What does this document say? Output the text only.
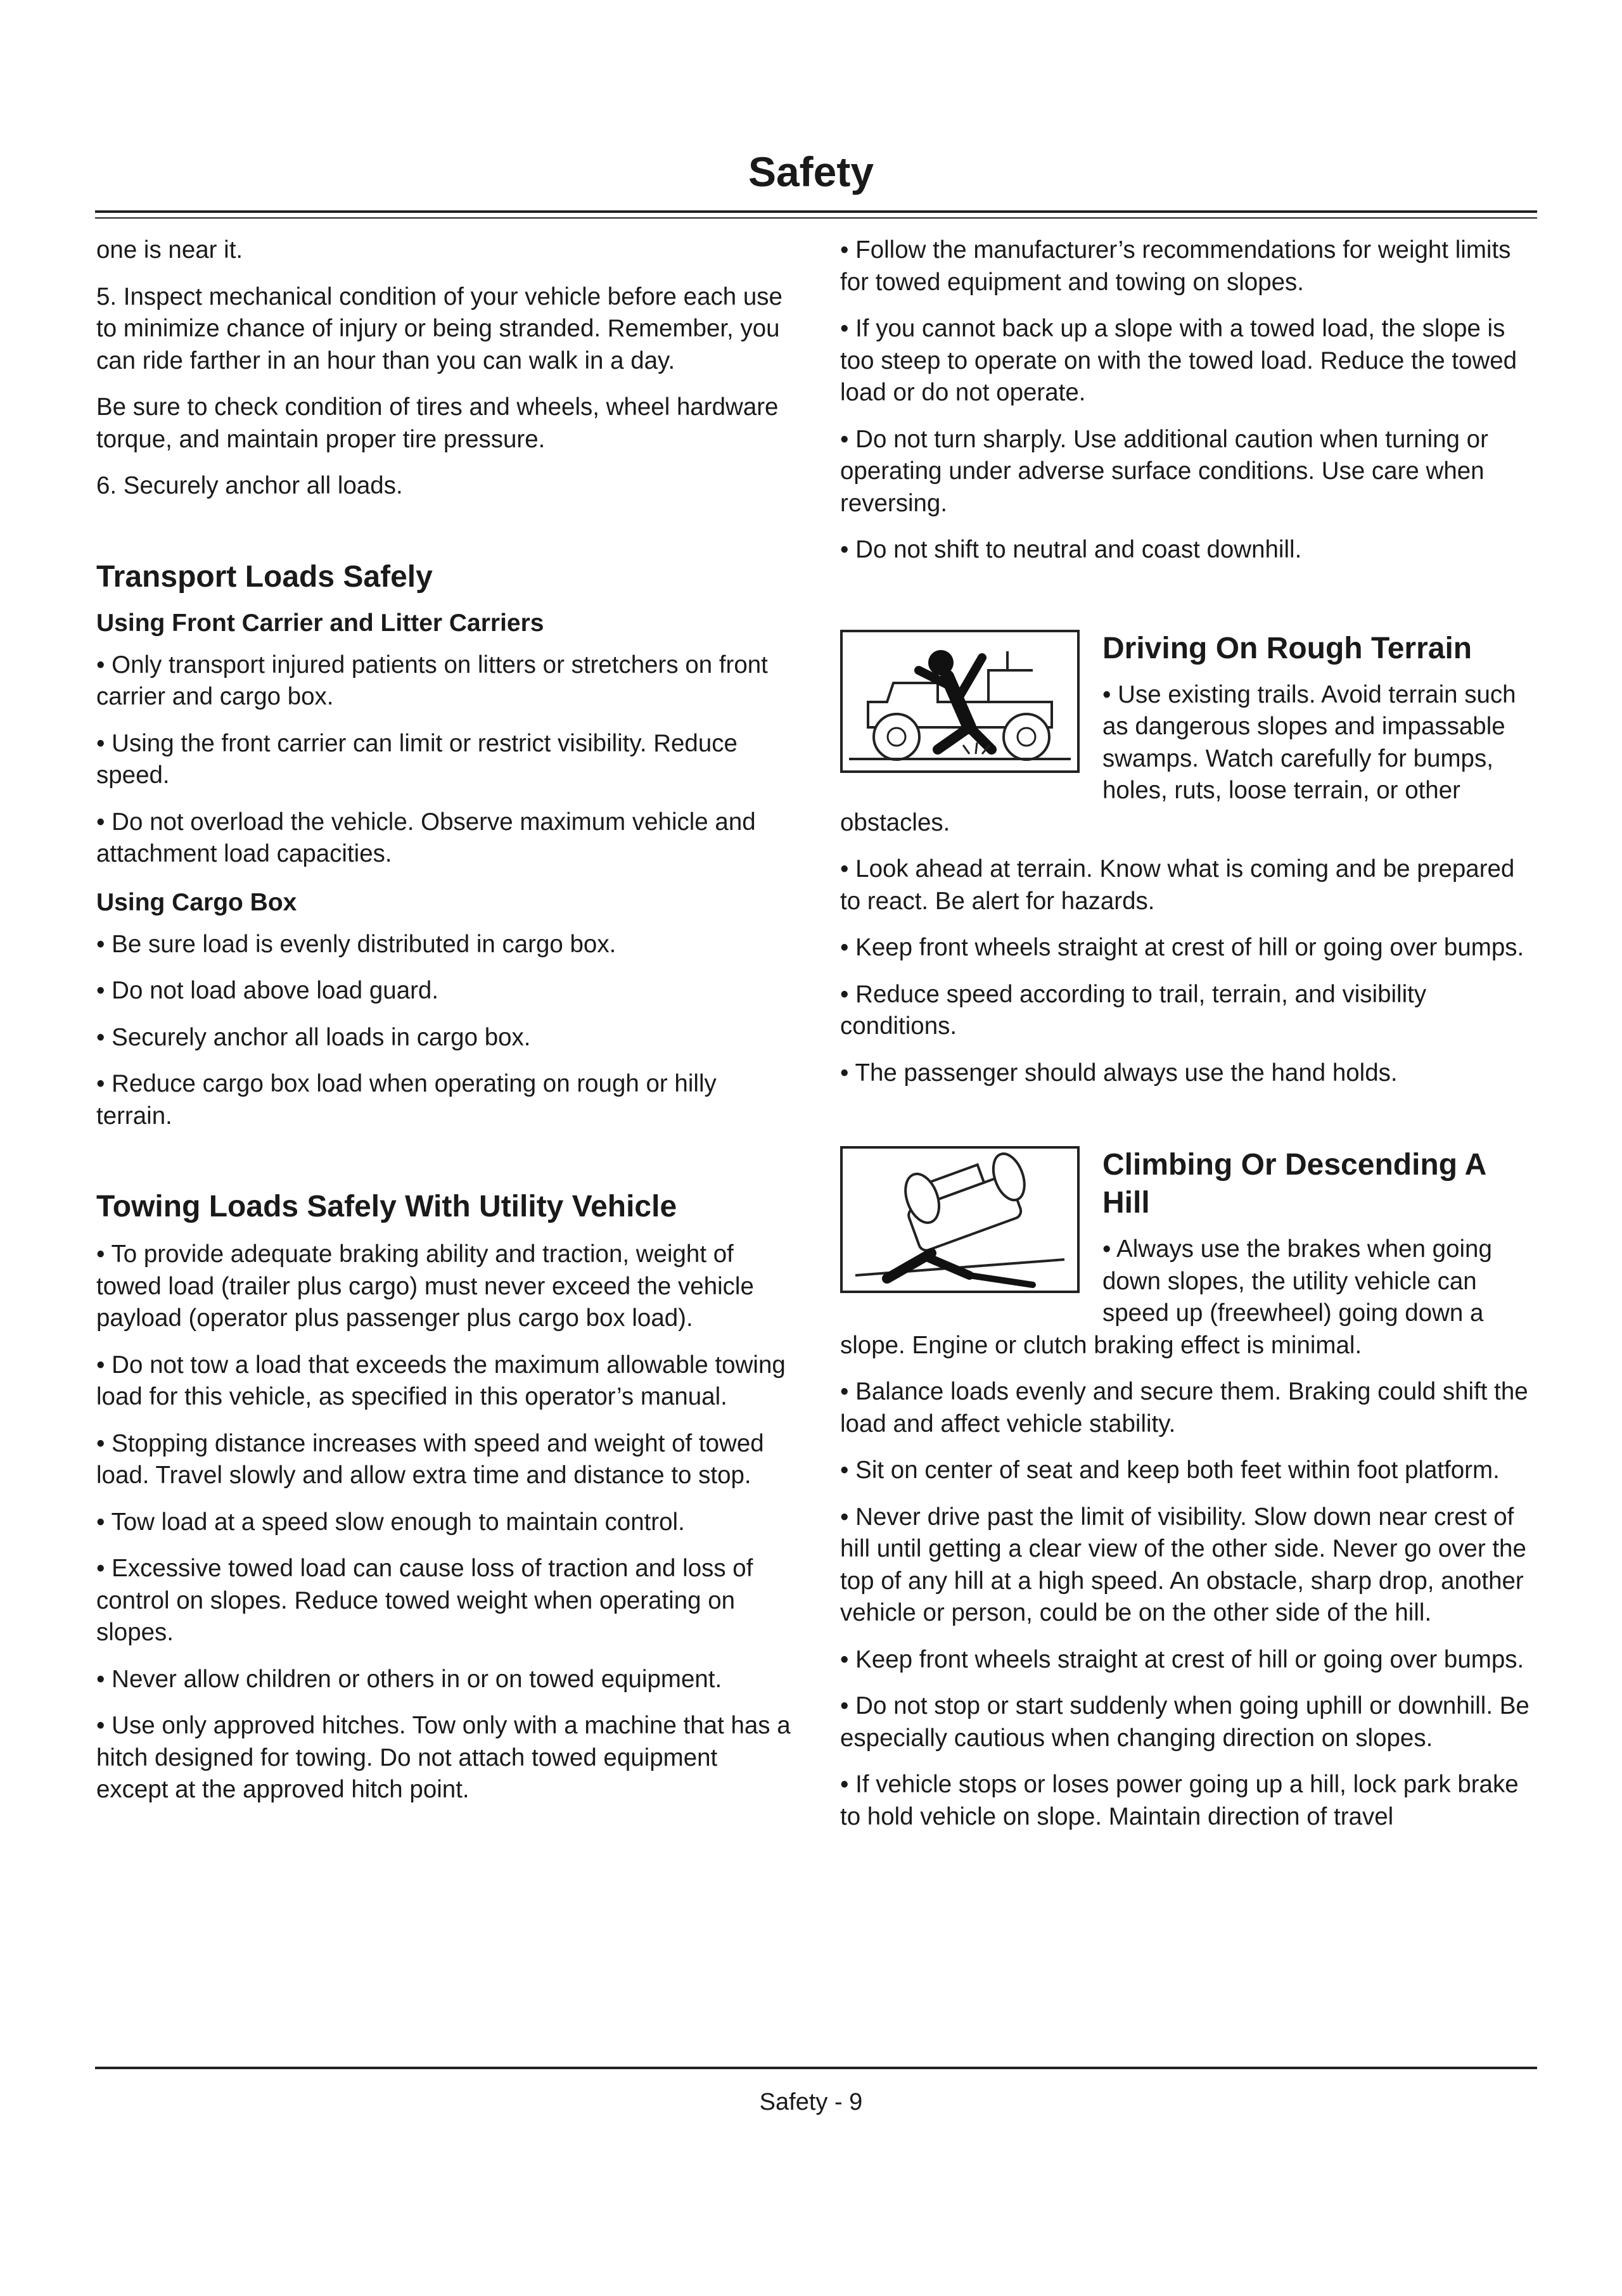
Safety

one is near it.

5. Inspect mechanical condition of your vehicle before each use to minimize chance of injury or being stranded. Remember, you can ride farther in an hour than you can walk in a day.

Be sure to check condition of tires and wheels, wheel hardware torque, and maintain proper tire pressure.

6. Securely anchor all loads.

Transport Loads Safely
Using Front Carrier and Litter Carriers

• Only transport injured patients on litters or stretchers on front carrier and cargo box.

• Using the front carrier can limit or restrict visibility. Reduce speed.

• Do not overload the vehicle. Observe maximum vehicle and attachment load capacities.

Using Cargo Box

• Be sure load is evenly distributed in cargo box.

• Do not load above load guard.

• Securely anchor all loads in cargo box.

• Reduce cargo box load when operating on rough or hilly terrain.

Towing Loads Safely With Utility Vehicle

• To provide adequate braking ability and traction, weight of towed load (trailer plus cargo) must never exceed the vehicle payload (operator plus passenger plus cargo box load).

• Do not tow a load that exceeds the maximum allowable towing load for this vehicle, as specified in this operator’s manual.

• Stopping distance increases with speed and weight of towed load. Travel slowly and allow extra time and distance to stop.

• Tow load at a speed slow enough to maintain control.

• Excessive towed load can cause loss of traction and loss of control on slopes. Reduce towed weight when operating on slopes.

• Never allow children or others in or on towed equipment.

• Use only approved hitches. Tow only with a machine that has a hitch designed for towing. Do not attach towed equipment except at the approved hitch point.

• Follow the manufacturer’s recommendations for weight limits for towed equipment and towing on slopes.

• If you cannot back up a slope with a towed load, the slope is too steep to operate on with the towed load. Reduce the towed load or do not operate.

• Do not turn sharply. Use additional caution when turning or operating under adverse surface conditions. Use care when reversing.

• Do not shift to neutral and coast downhill.

Driving On Rough Terrain

• Use existing trails. Avoid terrain such as dangerous slopes and impassable swamps. Watch carefully for bumps, holes, ruts, loose terrain, or other obstacles.

• Look ahead at terrain. Know what is coming and be prepared to react. Be alert for hazards.

• Keep front wheels straight at crest of hill or going over bumps.

• Reduce speed according to trail, terrain, and visibility conditions.

• The passenger should always use the hand holds.

Climbing Or Descending A Hill

• Always use the brakes when going down slopes, the utility vehicle can speed up (freewheel) going down a slope. Engine or clutch braking effect is minimal.

• Balance loads evenly and secure them. Braking could shift the load and affect vehicle stability.

• Sit on center of seat and keep both feet within foot platform.

• Never drive past the limit of visibility. Slow down near crest of hill until getting a clear view of the other side. Never go over the top of any hill at a high speed. An obstacle, sharp drop, another vehicle or person, could be on the other side of the hill.

• Keep front wheels straight at crest of hill or going over bumps.

• Do not stop or start suddenly when going uphill or downhill. Be especially cautious when changing direction on slopes.

• If vehicle stops or loses power going up a hill, lock park brake to hold vehicle on slope. Maintain direction of travel

Safety - 9
